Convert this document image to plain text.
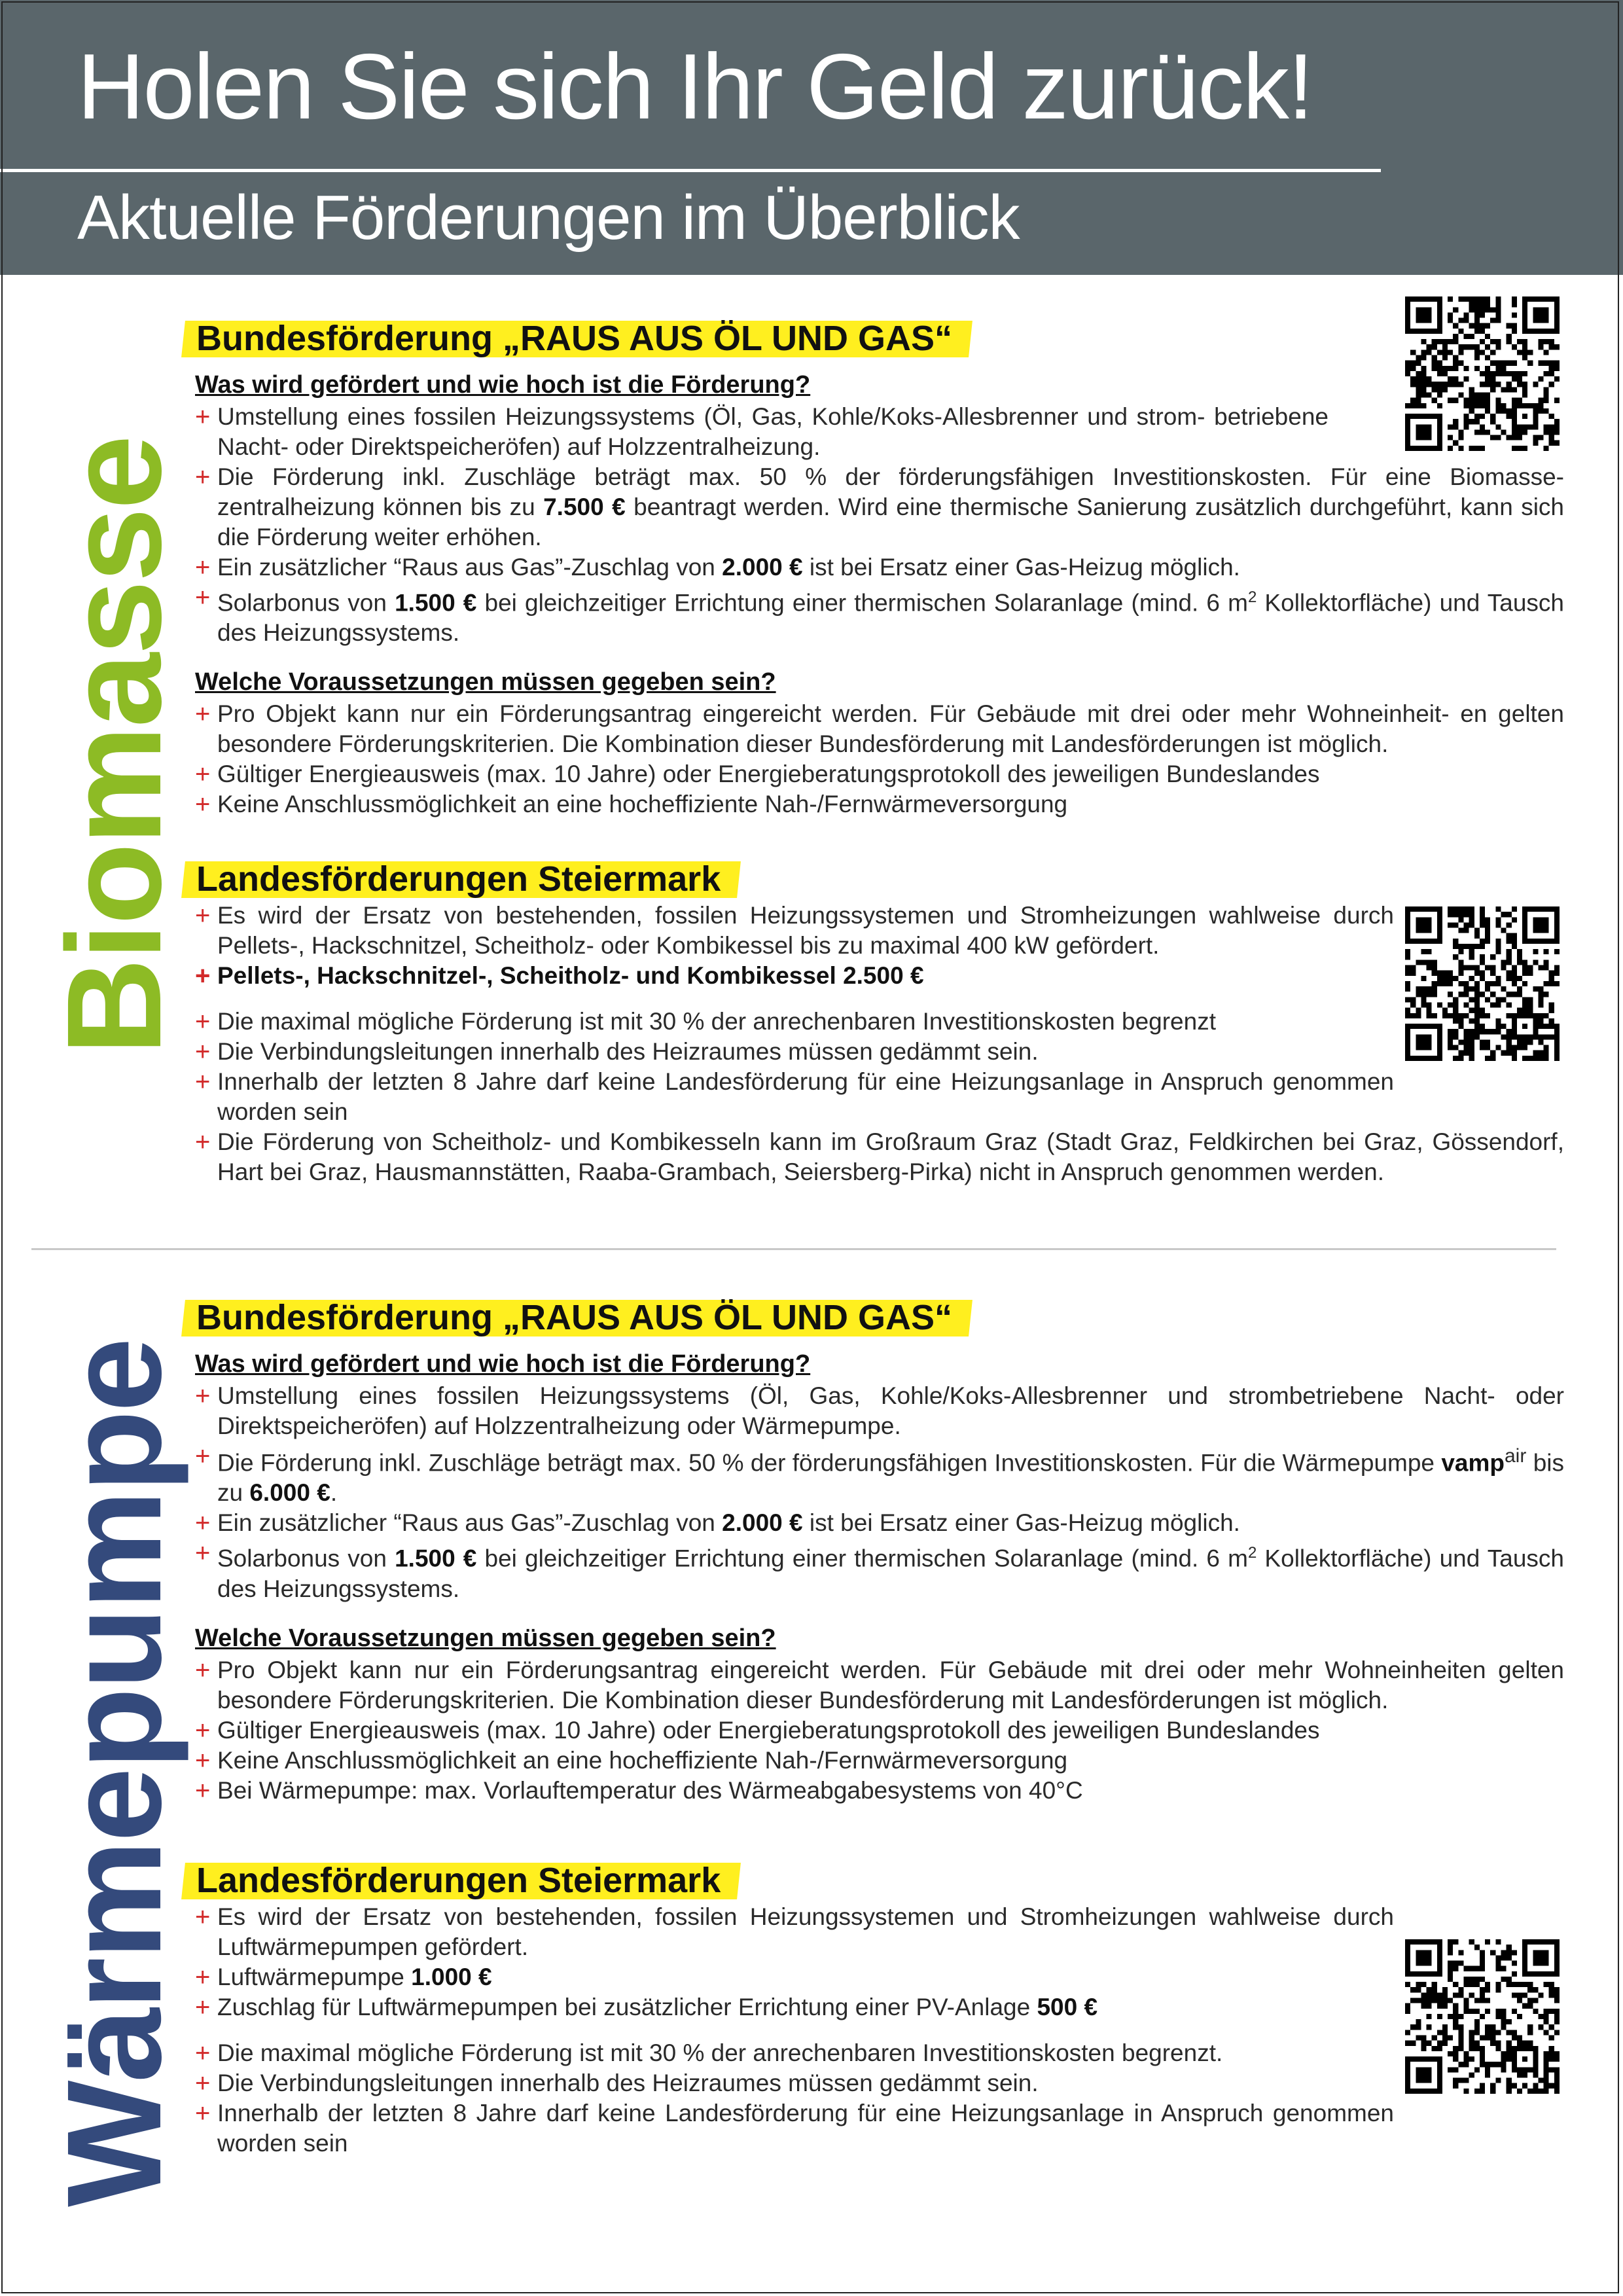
Holen Sie sich Ihr Geld zurück!
Aktuelle Förderungen im Überblick
Biomasse
Wärmepumpe
Bundesförderung „RAUS AUS ÖL UND GAS“
Was wird gefördert und wie hoch ist die Förderung?
+ Umstellung eines fossilen Heizungssystems (Öl, Gas, Kohle/Koks-Allesbrenner und strom- betriebene Nacht- oder Direktspeicheröfen) auf Holzzentralheizung.
+ Die Förderung inkl. Zuschläge beträgt max. 50 % der förderungsfähigen Investitionskosten. Für eine Biomasse- zentralheizung können bis zu 7.500 € beantragt werden. Wird eine thermische Sanierung zusätzlich durchgeführt, kann sich die Förderung weiter erhöhen.
+ Ein zusätzlicher “Raus aus Gas”-Zuschlag von 2.000 € ist bei Ersatz einer Gas-Heizug möglich.
+ Solarbonus von 1.500 € bei gleichzeitiger Errichtung einer thermischen Solaranlage (mind. 6 $m^2$ Kollektorfläche) und Tausch des Heizungssystems.
Welche Voraussetzungen müssen gegeben sein?
+ Pro Objekt kann nur ein Förderungsantrag eingereicht werden. Für Gebäude mit drei oder mehr Wohneinheit- en gelten besondere Förderungskriterien. Die Kombination dieser Bundesförderung mit Landesförderungen ist möglich.
+ Gültiger Energieausweis (max. 10 Jahre) oder Energieberatungsprotokoll des jeweiligen Bundeslandes
+ Keine Anschlussmöglichkeit an eine hocheffiziente Nah-/Fernwärmeversorgung
Landesförderungen Steiermark
+ Es wird der Ersatz von bestehenden, fossilen Heizungssystemen und Stromheizungen wahlweise durch Pellets-, Hackschnitzel, Scheitholz- oder Kombikessel bis zu maximal 400 kW gefördert.
+ Pellets-, Hackschnitzel-, Scheitholz- und Kombikessel 2.500 €
+ Die maximal mögliche Förderung ist mit 30 % der anrechenbaren Investitionskosten begrenzt
+ Die Verbindungsleitungen innerhalb des Heizraumes müssen gedämmt sein.
+ Innerhalb der letzten 8 Jahre darf keine Landesförderung für eine Heizungsanlage in Anspruch genommen worden sein
+ Die Förderung von Scheitholz- und Kombikesseln kann im Großraum Graz (Stadt Graz, Feldkirchen bei Graz, Gössendorf, Hart bei Graz, Hausmannstätten, Raaba-Grambach, Seiersberg-Pirka) nicht in Anspruch genommen werden.
Bundesförderung „RAUS AUS ÖL UND GAS“
Was wird gefördert und wie hoch ist die Förderung?
+ Umstellung eines fossilen Heizungssystems (Öl, Gas, Kohle/Koks-Allesbrenner und strombetriebene Nacht- oder Direktspeicheröfen) auf Holzzentralheizung oder Wärmepumpe.
+ Die Förderung inkl. Zuschläge beträgt max. 50 % der förderungsfähigen Investitionskosten. Für die Wärmepumpe vamp$^{air}$ bis zu 6.000 €.
+ Ein zusätzlicher “Raus aus Gas”-Zuschlag von 2.000 € ist bei Ersatz einer Gas-Heizug möglich.
+ Solarbonus von 1.500 € bei gleichzeitiger Errichtung einer thermischen Solaranlage (mind. 6 $m^2$ Kollektorfläche) und Tausch des Heizungssystems.
Welche Voraussetzungen müssen gegeben sein?
+ Pro Objekt kann nur ein Förderungsantrag eingereicht werden. Für Gebäude mit drei oder mehr Wohneinheiten gelten besondere Förderungskriterien. Die Kombination dieser Bundesförderung mit Landesförderungen ist möglich.
+ Gültiger Energieausweis (max. 10 Jahre) oder Energieberatungsprotokoll des jeweiligen Bundeslandes
+ Keine Anschlussmöglichkeit an eine hocheffiziente Nah-/Fernwärmeversorgung
+ Bei Wärmepumpe: max. Vorlauftemperatur des Wärmeabgabesystems von 40°C
Landesförderungen Steiermark
+ Es wird der Ersatz von bestehenden, fossilen Heizungssystemen und Stromheizungen wahlweise durch Luftwärmepumpen gefördert.
+ Luftwärmepumpe 1.000 €
+ Zuschlag für Luftwärmepumpen bei zusätzlicher Errichtung einer PV-Anlage 500 €
+ Die maximal mögliche Förderung ist mit 30 % der anrechenbaren Investitionskosten begrenzt.
+ Die Verbindungsleitungen innerhalb des Heizraumes müssen gedämmt sein.
+ Innerhalb der letzten 8 Jahre darf keine Landesförderung für eine Heizungsanlage in Anspruch genommen worden sein
